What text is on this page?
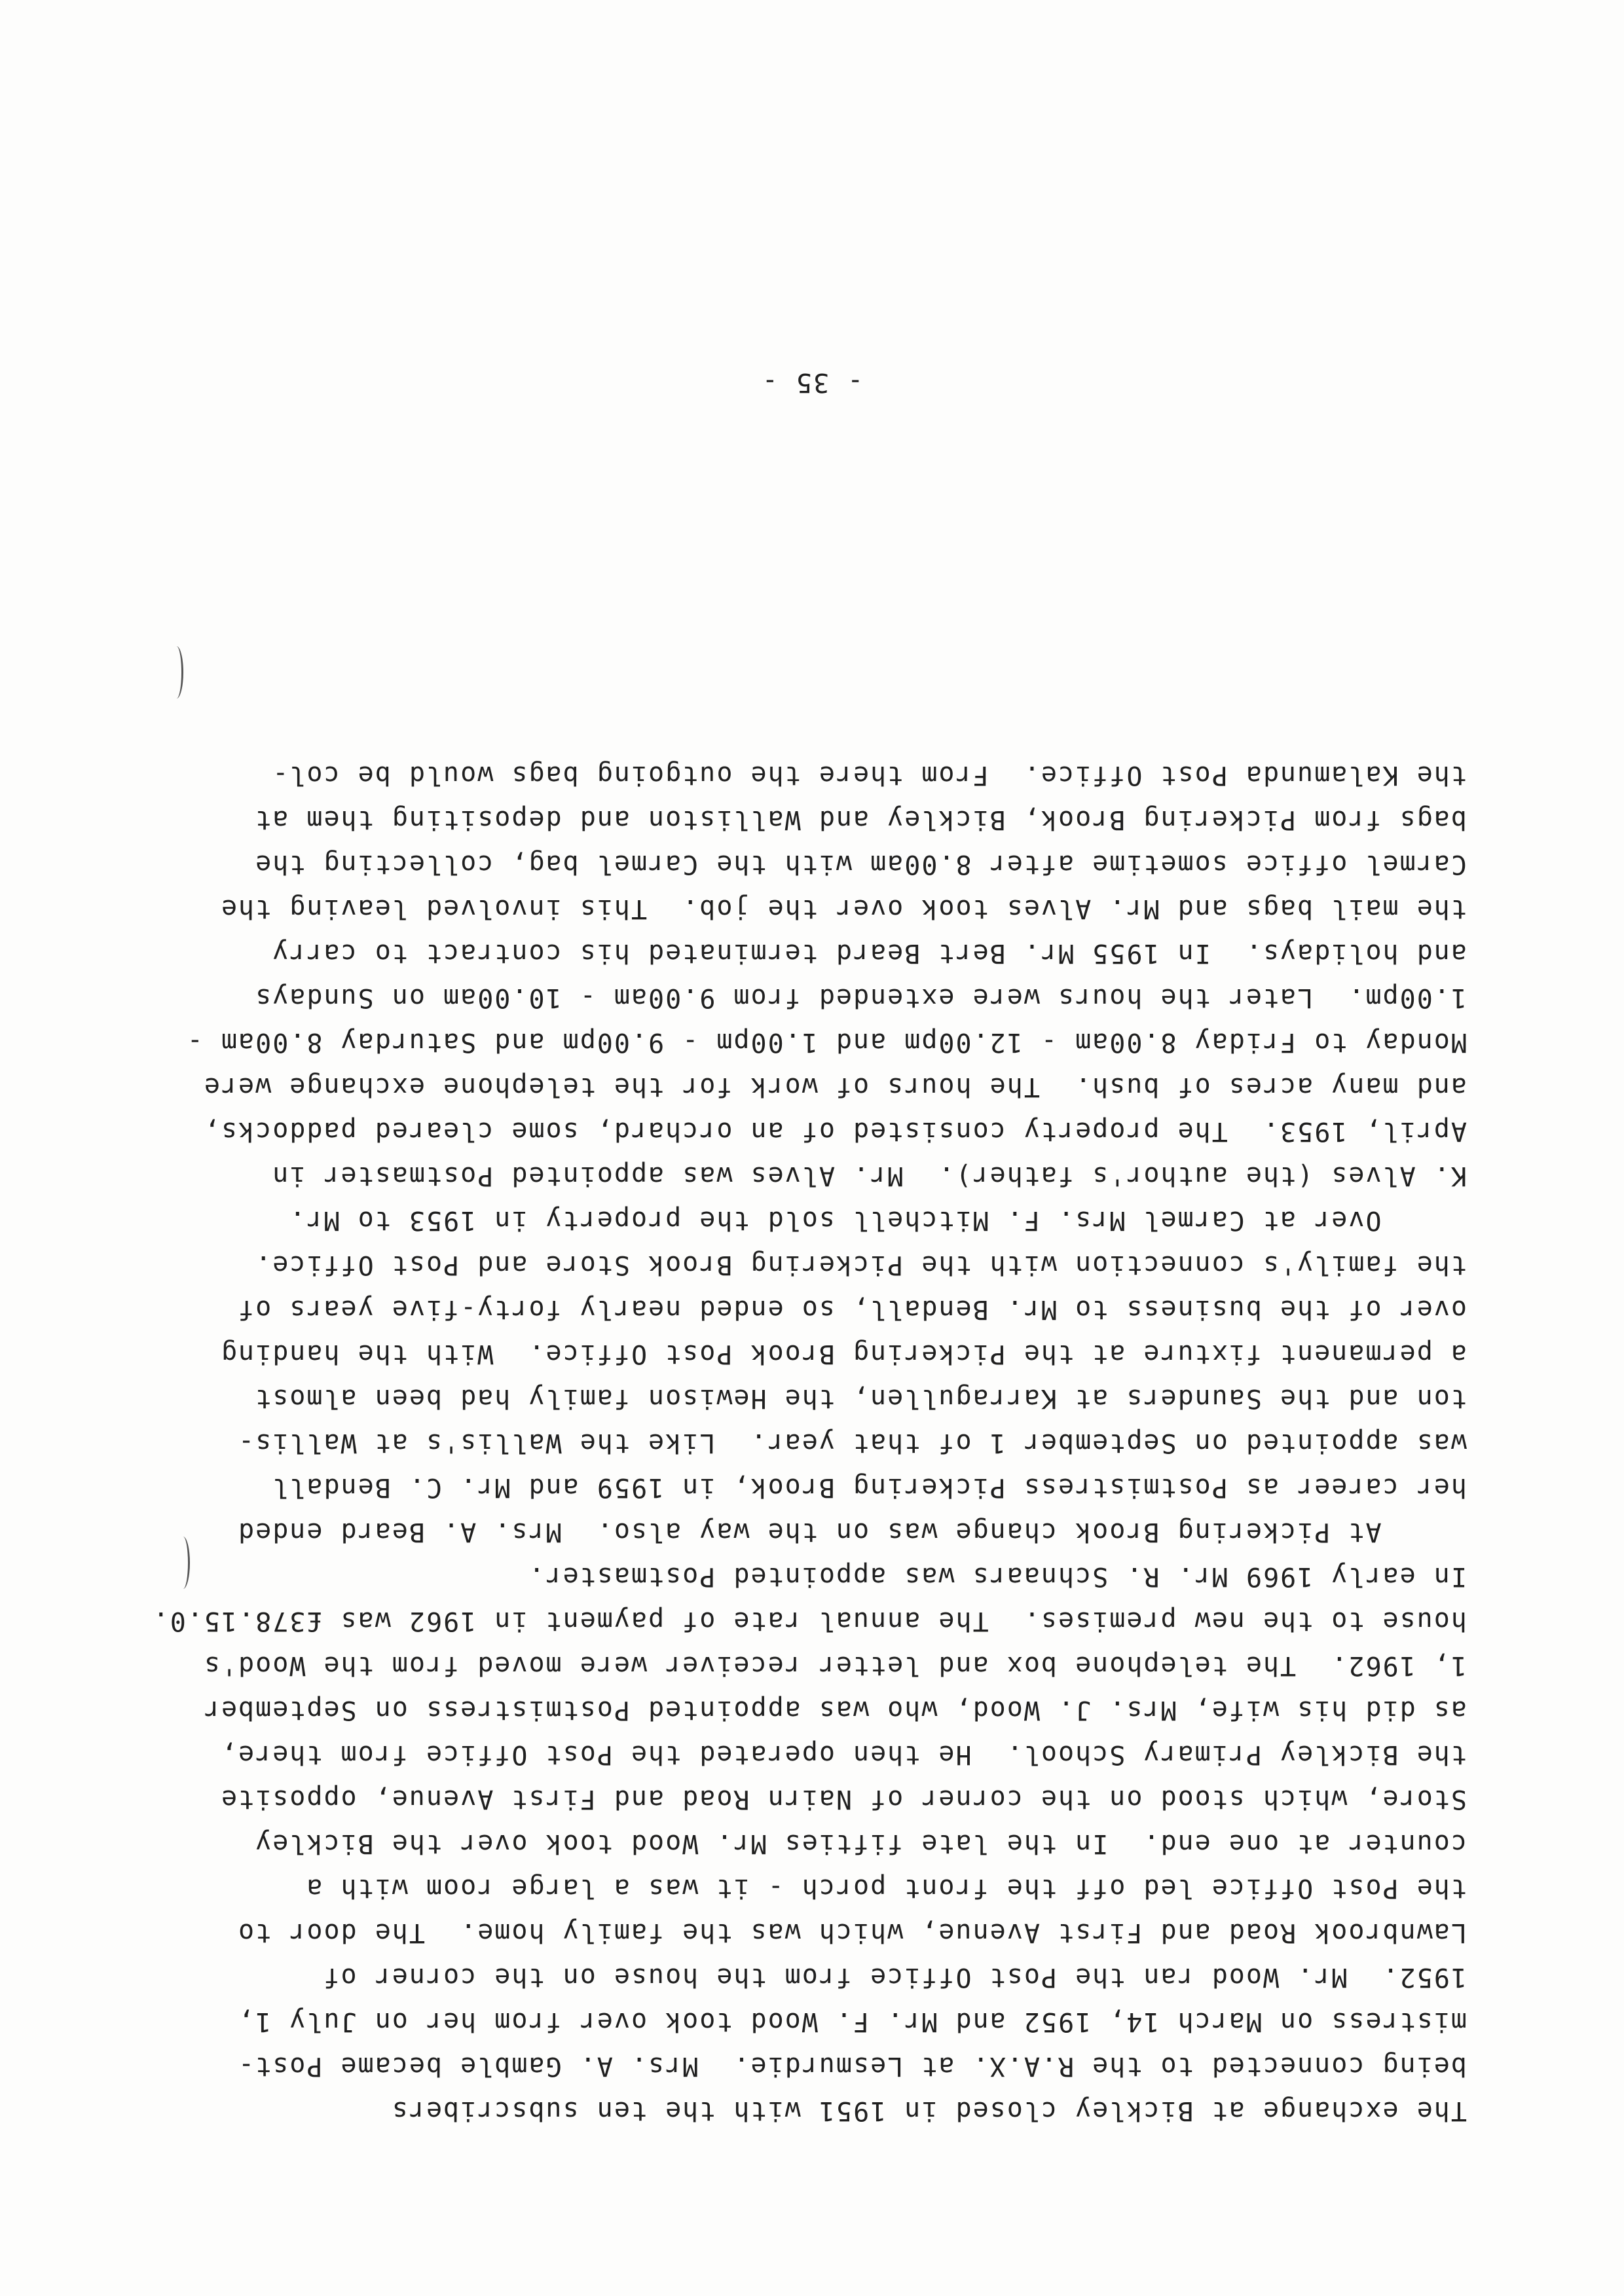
The exchange at Bickley closed in 1951 with the ten subscribers

being connected to the R.A.X. at Lesmurdie.  Mrs. A. Gamble became Post-

mistress on March 14, 1952 and Mr. F. Wood took over from her on July 1,

1952.  Mr. Wood ran the Post Office from the house on the corner of

Lawnbrook Road and First Avenue, which was the family home.  The door to

the Post Office led off the front porch - it was a large room with a

counter at one end.  In the late fifties Mr. Wood took over the Bickley

Store, which stood on the corner of Nairn Road and First Avenue, opposite

the Bickley Primary School.  He then operated the Post Office from there,

as did his wife, Mrs. J. Wood, who was appointed Postmistress on September

1, 1962.  The telephone box and letter receiver were moved from the Wood's

house to the new premises.  The annual rate of payment in 1962 was £378.15.0.

In early 1969 Mr. R. Schnaars was appointed Postmaster.

At Pickering Brook change was on the way also.  Mrs. A. Beard ended

her career as Postmistress Pickering Brook, in 1959 and Mr. C. Bendall

was appointed on September 1 of that year.  Like the Wallis's at Wallis-

ton and the Saunders at Karragullen, the Hewison family had been almost

a permanent fixture at the Pickering Brook Post Office.  With the handing

over of the business to Mr. Bendall, so ended nearly forty-five years of

the family's connection with the Pickering Brook Store and Post Office.

Over at Carmel Mrs. F. Mitchell sold the property in 1953 to Mr.

K. Alves (the author's father).  Mr. Alves was appointed Postmaster in

April, 1953.  The property consisted of an orchard, some cleared paddocks,

and many acres of bush.  The hours of work for the telephone exchange were

Monday to Friday 8.00am - 12.00pm and 1.00pm - 9.00pm and Saturday 8.00am -

1.00pm.  Later the hours were extended from 9.00am - 10.00am on Sundays

and holidays.  In 1955 Mr. Bert Beard terminated his contract to carry

the mail bags and Mr. Alves took over the job.  This involved leaving the

Carmel office sometime after 8.00am with the Carmel bag, collecting the

bags from Pickering Brook, Bickley and Walliston and depositing them at

the Kalamunda Post Office.  From there the outgoing bags would be col-

- 35 -
